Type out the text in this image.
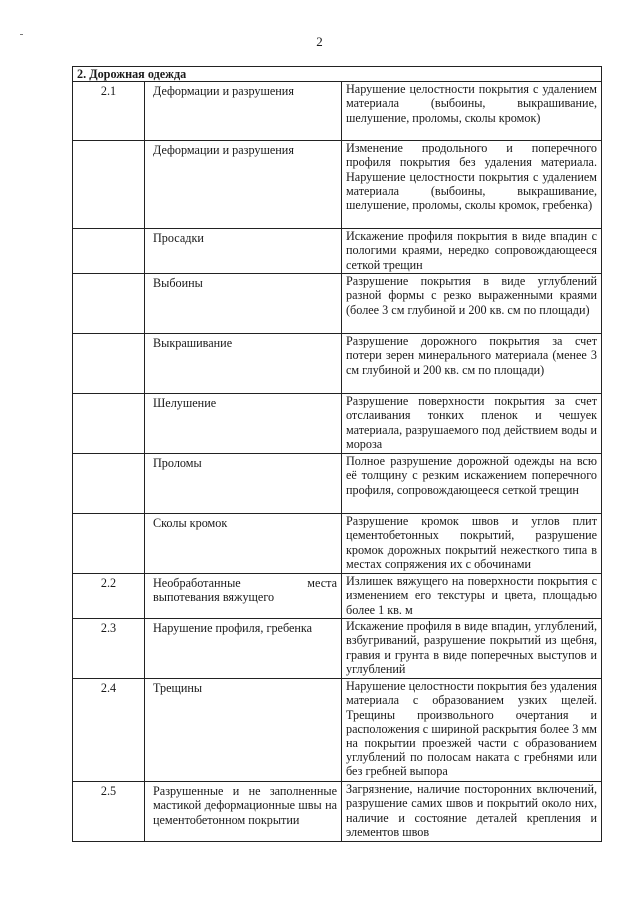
2
2. Дорожная одежда		
2.1	Деформации и разрушения	Нарушение целостности покрытия с удалением материала (выбоины, выкрашивание, шелушение, проломы, сколы кромок)
	Деформации и разрушения	Изменение продольного и поперечного профиля покрытия без удаления материала. Нарушение целостности покрытия с удалением материала (выбоины, выкрашивание, шелушение, проломы, сколы кромок, гребенка)
	Просадки	Искажение профиля покрытия в виде впадин с пологими краями, нередко сопровождающееся сеткой трещин
	Выбоины	Разрушение покрытия в виде углублений разной формы с резко выраженными краями (более 3 см глубиной и 200 кв. см по площади)
	Выкрашивание	Разрушение дорожного покрытия за счет потери зерен минерального материала (менее 3 см глубиной и 200 кв. см по площади)
	Шелушение	Разрушение поверхности покрытия за счет отслаивания тонких пленок и чешуек материала, разрушаемого под действием воды и мороза
	Проломы	Полное разрушение дорожной одежды на всю её толщину с резким искажением поперечного профиля, сопровождающееся сеткой трещин
	Сколы кромок	Разрушение кромок швов и углов плит цементобетонных покрытий, разрушение кромок дорожных покрытий нежесткого типа в местах сопряжения их с обочинами
2.2	Необработанные места выпотевания вяжущего	Излишек вяжущего на поверхности покрытия с изменением его текстуры и цвета, площадью более 1 кв. м
2.3	Нарушение профиля, гребенка	Искажение профиля в виде впадин, углублений, взбугриваний, разрушение покрытий из щебня, гравия и грунта в виде поперечных выступов и углублений
2.4	Трещины	Нарушение целостности покрытия без удаления материала с образованием узких щелей. Трещины произвольного очертания и расположения с шириной раскрытия более 3 мм на покрытии проезжей части с образованием углублений по полосам наката с гребнями или без гребней выпора
2.5	Разрушенные и не заполненные мастикой деформационные швы на цементобетонном покрытии	Загрязнение, наличие посторонних включений, разрушение самих швов и покрытий около них, наличие и состояние деталей крепления и элементов швов
